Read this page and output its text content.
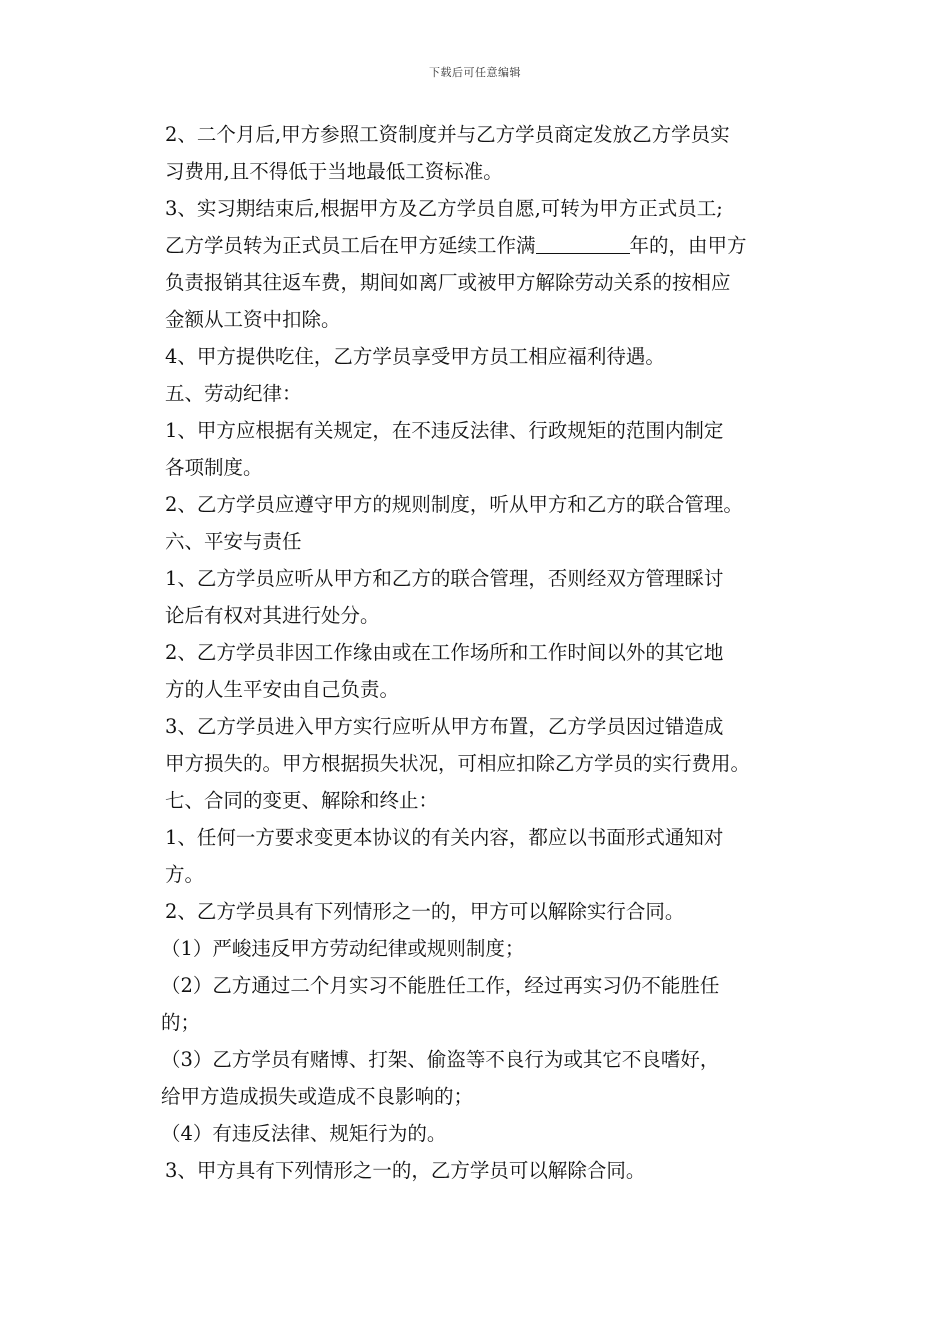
下载后可任意编辑

2、二个月后,甲方参照工资制度并与乙方学员商定发放乙方学员实
习费用,且不得低于当地最低工资标准。

3、实习期结束后,根据甲方及乙方学员自愿,可转为甲方正式员工;
乙方学员转为正式员工后在甲方延续工作满	年的，由甲方
负责报销其往返车费，期间如离厂或被甲方解除劳动关系的按相应
金额从工资中扣除。

4、甲方提供吃住，乙方学员享受甲方员工相应福利待遇。

五、劳动纪律：

1、甲方应根据有关规定，在不违反法律、行政规矩的范围内制定
各项制度。

2、乙方学员应遵守甲方的规则制度，听从甲方和乙方的联合管理。

六、平安与责任

1、乙方学员应听从甲方和乙方的联合管理，否则经双方管理睬讨
论后有权对其进行处分。

2、乙方学员非因工作缘由或在工作场所和工作时间以外的其它地
方的人生平安由自己负责。

3、乙方学员进入甲方实行应听从甲方布置，乙方学员因过错造成
甲方损失的。甲方根据损失状况，可相应扣除乙方学员的实行费用。

七、合同的变更、解除和终止：

1、任何一方要求变更本协议的有关内容，都应以书面形式通知对
方。

2、乙方学员具有下列情形之一的，甲方可以解除实行合同。

（1）严峻违反甲方劳动纪律或规则制度；

（2）乙方通过二个月实习不能胜任工作，经过再实习仍不能胜任
的；

（3）乙方学员有赌博、打架、偷盗等不良行为或其它不良嗜好，
给甲方造成损失或造成不良影响的；

（4）有违反法律、规矩行为的。

3、甲方具有下列情形之一的，乙方学员可以解除合同。
